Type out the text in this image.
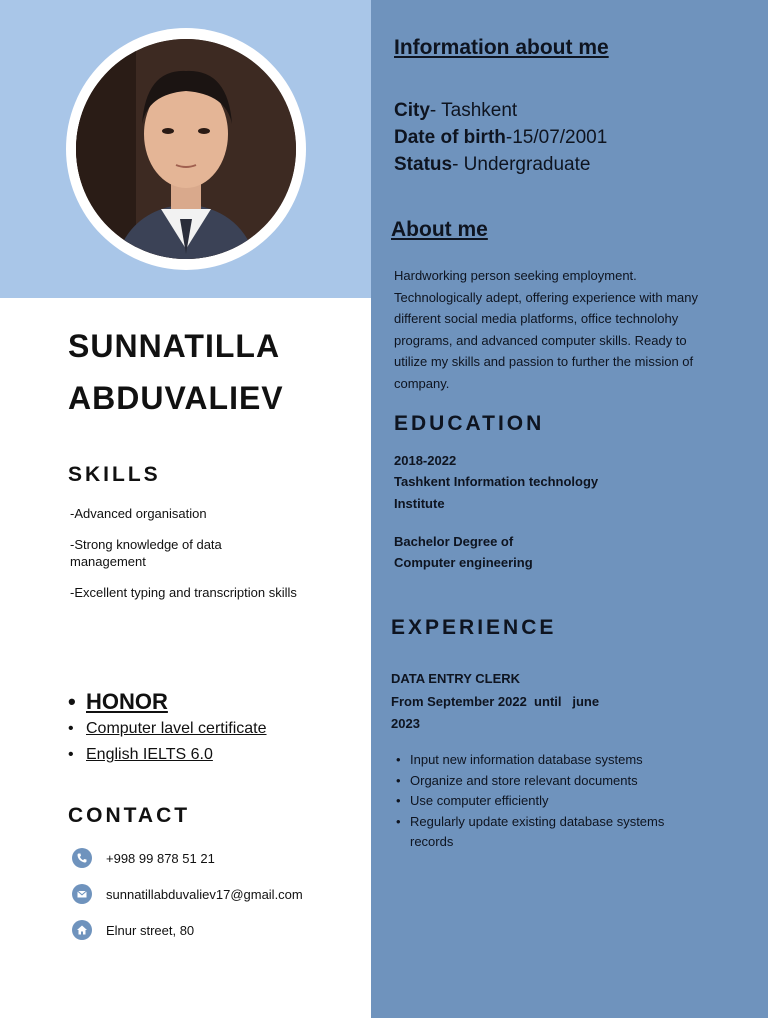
SUNNATILLA
ABDUVALIEV
SKILLS
-Advanced organisation
-Strong knowledge of data management
-Excellent typing and transcription skills
• HONOR
• Computer lavel certificate
• English IELTS 6.0
CONTACT
+998 99 878 51 21
sunnatillabduvaliev17@gmail.com
Elnur street, 80
Information about me
City- Tashkent
Date of birth-15/07/2001
Status- Undergraduate
About me
Hardworking person seeking employment. Technologically adept, offering experience with many different social media platforms, office technolohy programs, and advanced computer skills. Ready to utilize my skills and passion to further the mission of company.
EDUCATION
2018-2022
Tashkent Information technology Institute
Bachelor Degree of
Computer engineering
EXPERIENCE
DATA ENTRY CLERK
From September 2022  until   june
2023
• Input new information database systems
• Organize and store relevant documents
• Use computer efficiently
• Regularly update existing database systems records
